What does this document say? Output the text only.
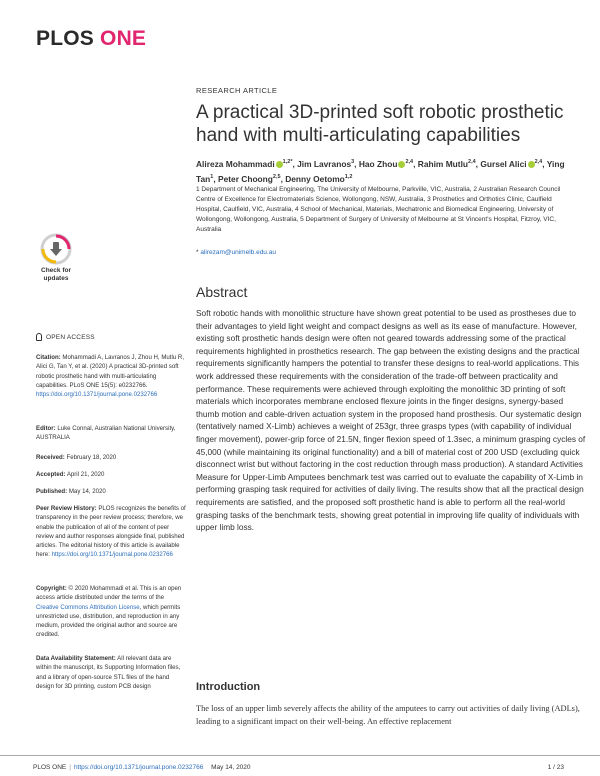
PLOS ONE
RESEARCH ARTICLE
A practical 3D-printed soft robotic prosthetic hand with multi-articulating capabilities
Alireza Mohammadi $^{1,2*}$, Jim Lavranos$^3$, Hao Zhou $^{2,4}$, Rahim Mutlu$^{2,4}$, Gursel Alici $^{2,4}$, Ying Tan$^1$, Peter Choong$^{2,5}$, Denny Oetomo$^{1,2}$
1 Department of Mechanical Engineering, The University of Melbourne, Parkville, VIC, Australia, 2 Australian Research Council Centre of Excellence for Electromaterials Science, Wollongong, NSW, Australia, 3 Prosthetics and Orthotics Clinic, Caulfield Hospital, Caulfield, VIC, Australia, 4 School of Mechanical, Materials, Mechatronic and Biomedical Engineering, University of Wollongong, Wollongong, Australia, 5 Department of Surgery of University of Melbourne at St Vincent's Hospital, Fitzroy, VIC, Australia
* alirezam@unimelb.edu.au
Abstract
Soft robotic hands with monolithic structure have shown great potential to be used as prostheses due to their advantages to yield light weight and compact designs as well as its ease of manufacture. However, existing soft prosthetic hands design were often not geared towards addressing some of the practical requirements highlighted in prosthetics research. The gap between the existing designs and the practical requirements significantly hampers the potential to transfer these designs to real-world applications. This work addressed these requirements with the consideration of the trade-off between practicality and performance. These requirements were achieved through exploiting the monolithic 3D printing of soft materials which incorporates membrane enclosed flexure joints in the finger designs, synergy-based thumb motion and cable-driven actuation system in the proposed hand prosthesis. Our systematic design (tentatively named X-Limb) achieves a weight of 253gr, three grasps types (with capability of individual finger movement), power-grip force of 21.5N, finger flexion speed of 1.3sec, a minimum grasping cycles of 45,000 (while maintaining its original functionality) and a bill of material cost of 200 USD (excluding quick disconnect wrist but without factoring in the cost reduction through mass production). A standard Activities Measure for Upper-Limb Amputees benchmark test was carried out to evaluate the capability of X-Limb in performing grasping task required for activities of daily living. The results show that all the practical design requirements are satisfied, and the proposed soft prosthetic hand is able to perform all the real-world grasping tasks of the benchmark tests, showing great potential in improving life quality of individuals with upper limb loss.
Introduction
The loss of an upper limb severely affects the ability of the amputees to carry out activities of daily living (ADLs), leading to a significant impact on their well-being. An effective replacement
Check for
updates
OPEN ACCESS
Citation: Mohammadi A, Lavranos J, Zhou H, Mutlu R, Alici G, Tan Y, et al. (2020) A practical 3D-printed soft robotic prosthetic hand with multi-articulating capabilities. PLoS ONE 15(5): e0232766. https://doi.org/10.1371/journal.pone.0232766
Editor: Luke Connal, Australian National University, AUSTRALIA
Received: February 18, 2020
Accepted: April 21, 2020
Published: May 14, 2020
Peer Review History: PLOS recognizes the benefits of transparency in the peer review process; therefore, we enable the publication of all of the content of peer review and author responses alongside final, published articles. The editorial history of this article is available here: https://doi.org/10.1371/journal.pone.0232766
Copyright: © 2020 Mohammadi et al. This is an open access article distributed under the terms of the Creative Commons Attribution License, which permits unrestricted use, distribution, and reproduction in any medium, provided the original author and source are credited.
Data Availability Statement: All relevant data are within the manuscript, its Supporting Information files, and a library of open-source STL files of the hand design for 3D printing, custom PCB design
PLOS ONE | https://doi.org/10.1371/journal.pone.0232766 May 14, 2020	1 / 23
